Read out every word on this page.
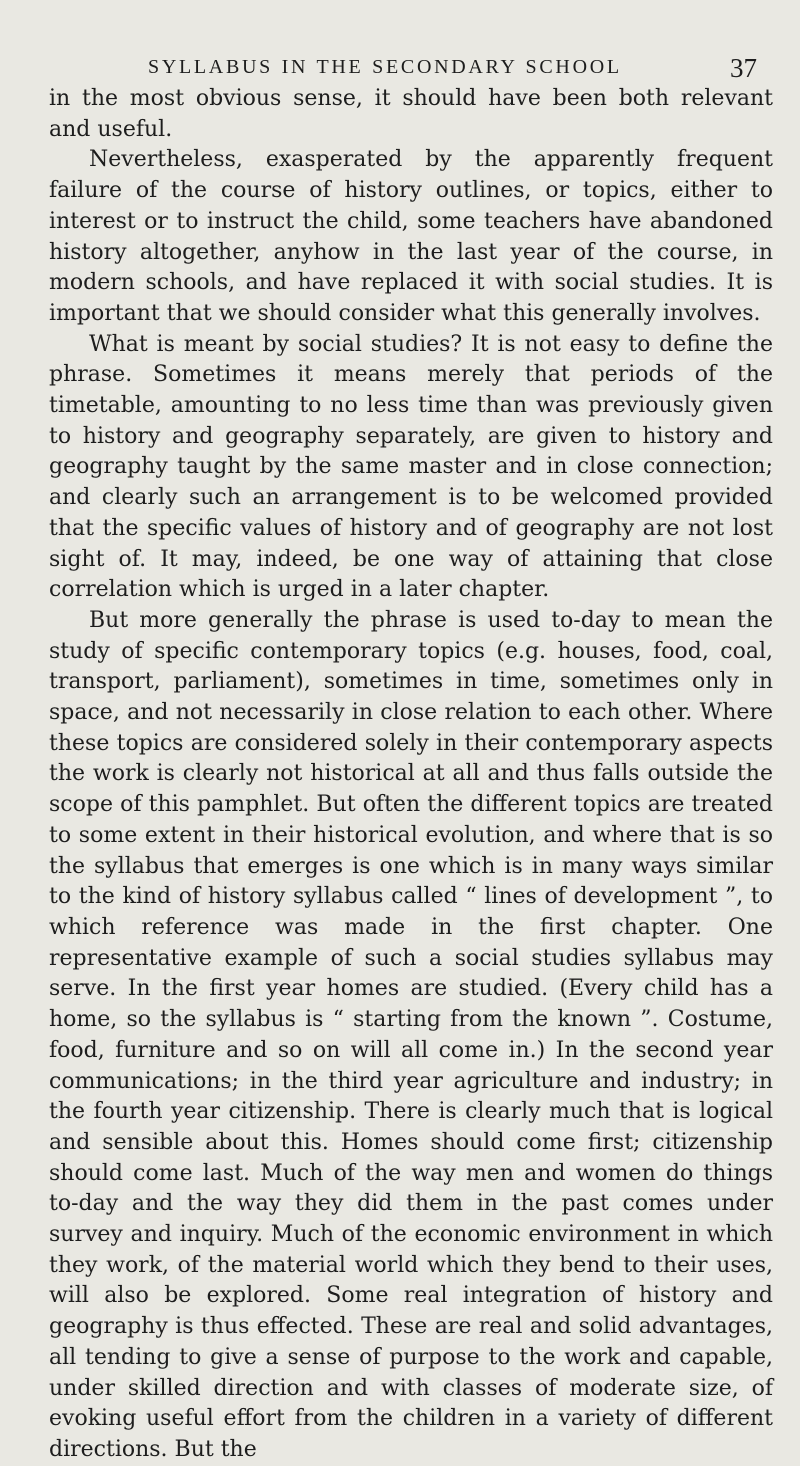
SYLLABUS IN THE SECONDARY SCHOOL	37

in the most obvious sense, it should have been both relevant and useful.

Nevertheless, exasperated by the apparently frequent failure of the course of history outlines, or topics, either to interest or to instruct the child, some teachers have abandoned history altogether, anyhow in the last year of the course, in modern schools, and have replaced it with social studies. It is important that we should consider what this generally involves.

What is meant by social studies? It is not easy to define the phrase. Sometimes it means merely that periods of the timetable, amounting to no less time than was previously given to history and geography separately, are given to history and geography taught by the same master and in close connection; and clearly such an arrangement is to be welcomed provided that the specific values of history and of geography are not lost sight of. It may, indeed, be one way of attaining that close correlation which is urged in a later chapter.

But more generally the phrase is used to-day to mean the study of specific contemporary topics (e.g. houses, food, coal, transport, parliament), sometimes in time, sometimes only in space, and not necessarily in close relation to each other. Where these topics are considered solely in their contemporary aspects the work is clearly not historical at all and thus falls outside the scope of this pamphlet. But often the different topics are treated to some extent in their historical evolution, and where that is so the syllabus that emerges is one which is in many ways similar to the kind of history syllabus called “ lines of development ”, to which reference was made in the first chapter. One representative example of such a social studies syllabus may serve. In the first year homes are studied. (Every child has a home, so the syllabus is “ starting from the known ”. Costume, food, furniture and so on will all come in.) In the second year communications; in the third year agriculture and industry; in the fourth year citizenship. There is clearly much that is logical and sensible about this. Homes should come first; citizenship should come last. Much of the way men and women do things to-day and the way they did them in the past comes under survey and inquiry. Much of the economic environment in which they work, of the material world which they bend to their uses, will also be explored. Some real integration of history and geography is thus effected. These are real and solid advantages, all tending to give a sense of purpose to the work and capable, under skilled direction and with classes of moderate size, of evoking useful effort from the children in a variety of different directions. But the
